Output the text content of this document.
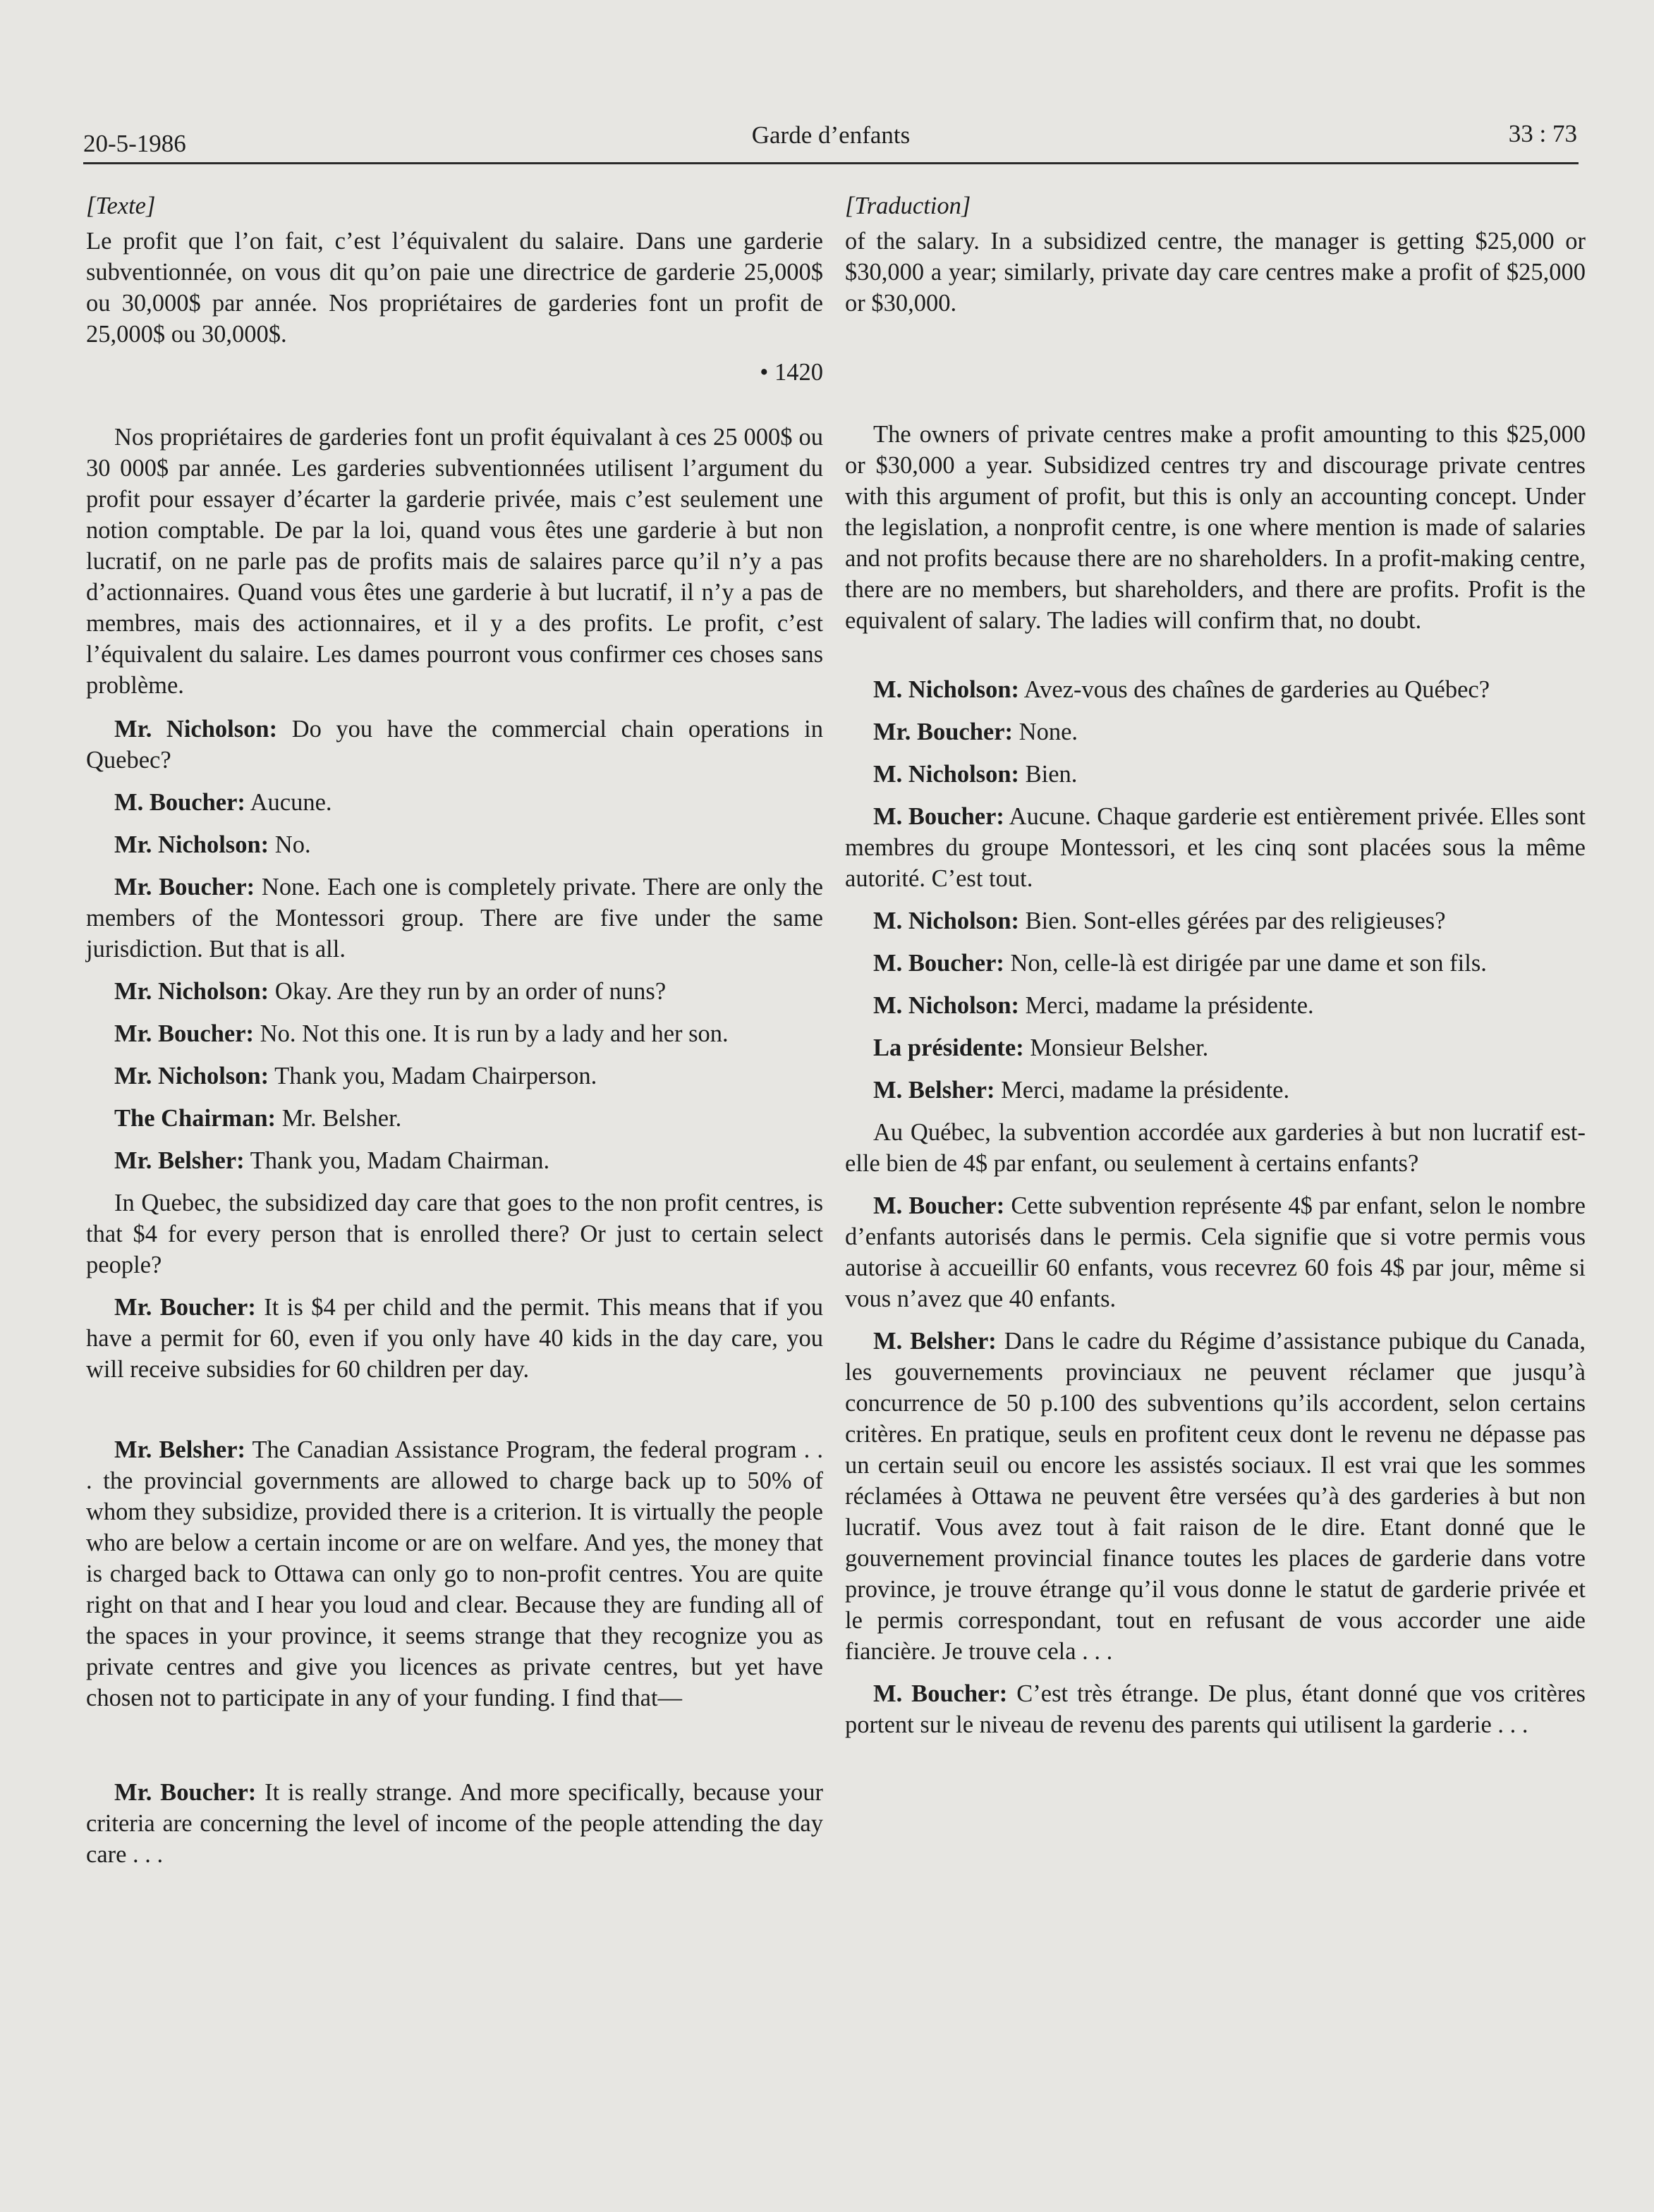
20-5-1986	Garde d’enfants	33 : 73
[Texte]

Le profit que l’on fait, c’est l’équivalent du salaire. Dans une garderie subventionnée, on vous dit qu’on paie une directrice de garderie 25,000$ ou 30,000$ par année. Nos propriétaires de garderies font un profit de 25,000$ ou 30,000$.

• 1420

Nos propriétaires de garderies font un profit équivalant à ces 25 000$ ou 30 000$ par année. Les garderies subventionnées utilisent l’argument du profit pour essayer d’écarter la garderie privée, mais c’est seulement une notion comptable. De par la loi, quand vous êtes une garderie à but non lucratif, on ne parle pas de profits mais de salaires parce qu’il n’y a pas d’actionnaires. Quand vous êtes une garderie à but lucratif, il n’y a pas de membres, mais des actionnaires, et il y a des profits. Le profit, c’est l’équivalent du salaire. Les dames pourront vous confirmer ces choses sans problème.

Mr. Nicholson: Do you have the commercial chain operations in Quebec?

M. Boucher: Aucune.

Mr. Nicholson: No.

Mr. Boucher: None. Each one is completely private. There are only the members of the Montessori group. There are five under the same jurisdiction. But that is all.

Mr. Nicholson: Okay. Are they run by an order of nuns?

Mr. Boucher: No. Not this one. It is run by a lady and her son.

Mr. Nicholson: Thank you, Madam Chairperson.

The Chairman: Mr. Belsher.

Mr. Belsher: Thank you, Madam Chairman.

In Quebec, the subsidized day care that goes to the non profit centres, is that $4 for every person that is enrolled there? Or just to certain select people?

Mr. Boucher: It is $4 per child and the permit. This means that if you have a permit for 60, even if you only have 40 kids in the day care, you will receive subsidies for 60 children per day.

Mr. Belsher: The Canadian Assistance Program, the federal program . . . the provincial governments are allowed to charge back up to 50% of whom they subsidize, provided there is a criterion. It is virtually the people who are below a certain income or are on welfare. And yes, the money that is charged back to Ottawa can only go to non-profit centres. You are quite right on that and I hear you loud and clear. Because they are funding all of the spaces in your province, it seems strange that they recognize you as private centres and give you licences as private centres, but yet have chosen not to participate in any of your funding. I find that—

Mr. Boucher: It is really strange. And more specifically, because your criteria are concerning the level of income of the people attending the day care . . .

[Traduction]

of the salary. In a subsidized centre, the manager is getting $25,000 or $30,000 a year; similarly, private day care centres make a profit of $25,000 or $30,000.

The owners of private centres make a profit amounting to this $25,000 or $30,000 a year. Subsidized centres try and discourage private centres with this argument of profit, but this is only an accounting concept. Under the legislation, a nonprofit centre, is one where mention is made of salaries and not profits because there are no shareholders. In a profit-making centre, there are no members, but shareholders, and there are profits. Profit is the equivalent of salary. The ladies will confirm that, no doubt.

M. Nicholson: Avez-vous des chaînes de garderies au Québec?

Mr. Boucher: None.

M. Nicholson: Bien.

M. Boucher: Aucune. Chaque garderie est entièrement privée. Elles sont membres du groupe Montessori, et les cinq sont placées sous la même autorité. C’est tout.

M. Nicholson: Bien. Sont-elles gérées par des religieuses?

M. Boucher: Non, celle-là est dirigée par une dame et son fils.

M. Nicholson: Merci, madame la présidente.

La présidente: Monsieur Belsher.

M. Belsher: Merci, madame la présidente.

Au Québec, la subvention accordée aux garderies à but non lucratif est-elle bien de 4$ par enfant, ou seulement à certains enfants?

M. Boucher: Cette subvention représente 4$ par enfant, selon le nombre d’enfants autorisés dans le permis. Cela signifie que si votre permis vous autorise à accueillir 60 enfants, vous recevrez 60 fois 4$ par jour, même si vous n’avez que 40 enfants.

M. Belsher: Dans le cadre du Régime d’assistance pubique du Canada, les gouvernements provinciaux ne peuvent réclamer que jusqu’à concurrence de 50 p.100 des subventions qu’ils accordent, selon certains critères. En pratique, seuls en profitent ceux dont le revenu ne dépasse pas un certain seuil ou encore les assistés sociaux. Il est vrai que les sommes réclamées à Ottawa ne peuvent être versées qu’à des garderies à but non lucratif. Vous avez tout à fait raison de le dire. Etant donné que le gouvernement provincial finance toutes les places de garderie dans votre province, je trouve étrange qu’il vous donne le statut de garderie privée et le permis correspondant, tout en refusant de vous accorder une aide fiancière. Je trouve cela . . .

M. Boucher: C’est très étrange. De plus, étant donné que vos critères portent sur le niveau de revenu des parents qui utilisent la garderie . . .
